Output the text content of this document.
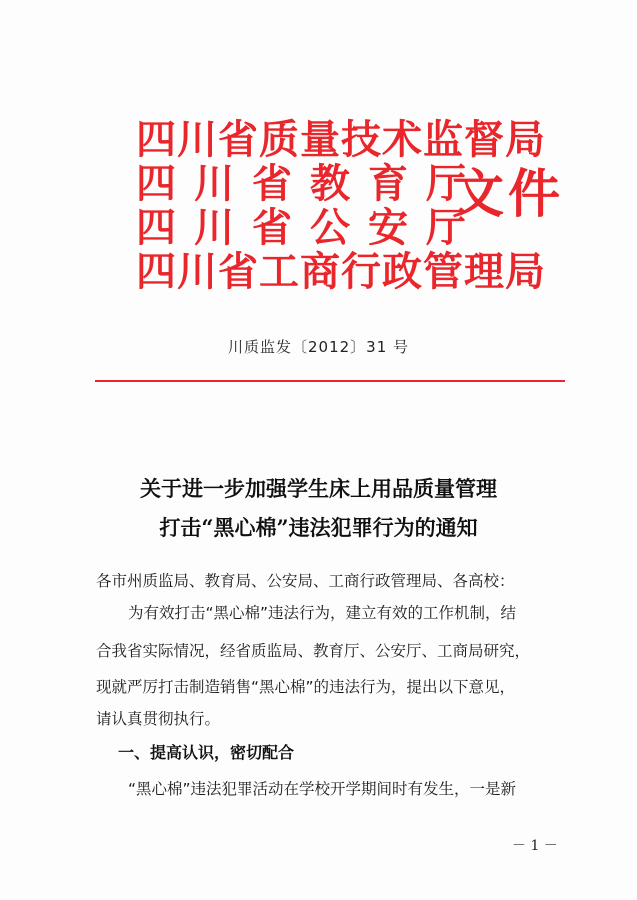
四川省质量技术监督局
四川省教育厅
四川省公安厅
四川省工商行政管理局
文件
川质监发〔2012〕31 号
关于进一步加强学生床上用品质量管理
打击“黑心棉”违法犯罪行为的通知
各市州质监局、教育局、公安局、工商行政管理局、各高校：
为有效打击“黑心棉”违法行为，建立有效的工作机制，结
合我省实际情况，经省质监局、教育厅、公安厅、工商局研究，
现就严厉打击制造销售“黑心棉”的违法行为，提出以下意见，
请认真贯彻执行。
一、提高认识，密切配合
“黑心棉”违法犯罪活动在学校开学期间时有发生，一是新
－ 1 －
